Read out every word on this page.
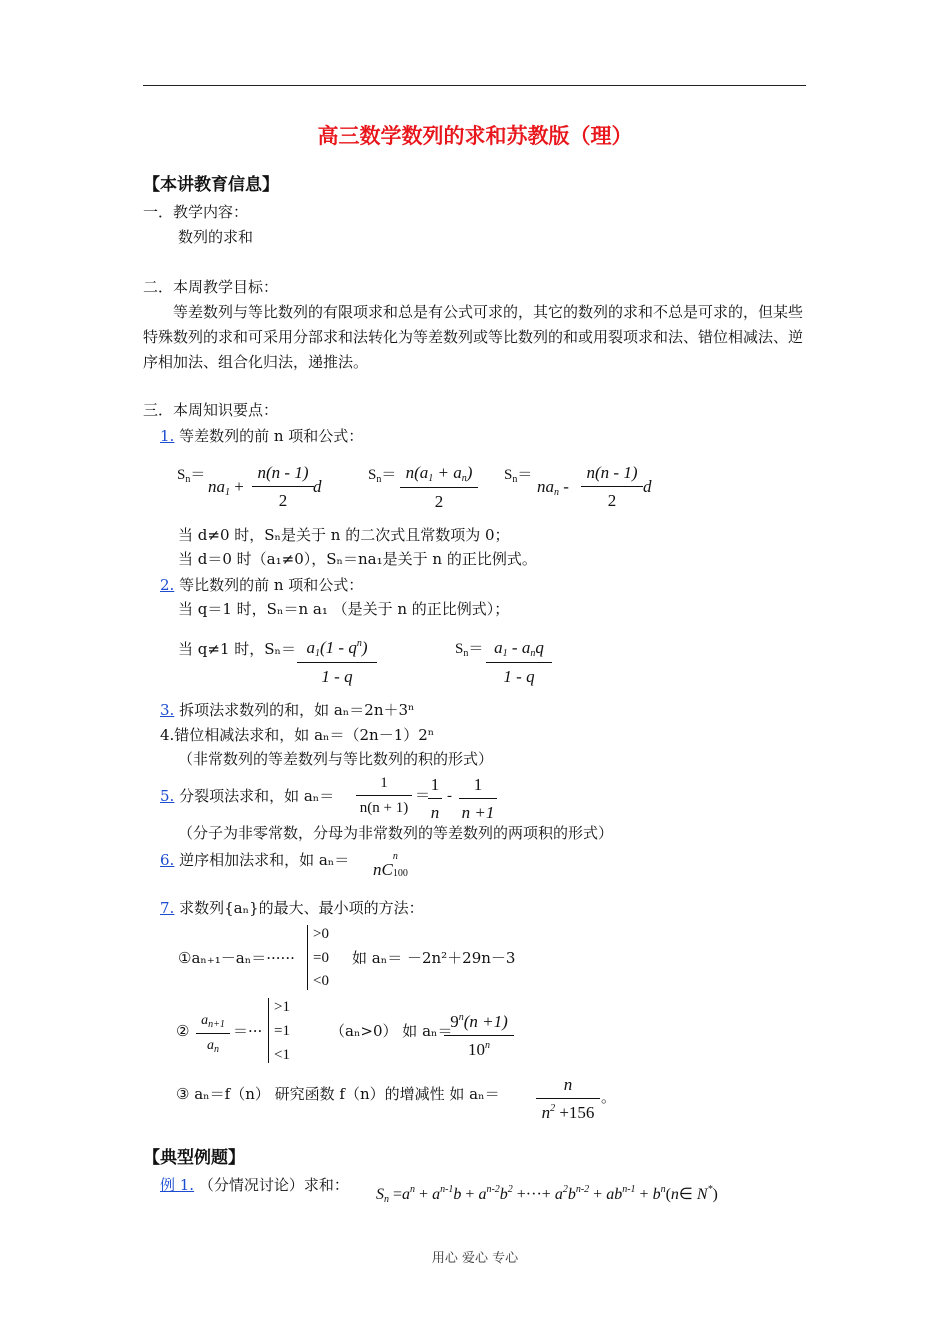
高三数学数列的求和苏教版（理）
【本讲教育信息】
一．教学内容：
数列的求和
二．本周教学目标：
等差数列与等比数列的有限项求和总是有公式可求的，其它的数列的求和不总是可求的，但某些特殊数列的求和可采用分部求和法转化为等差数列或等比数列的和或用裂项求和法、错位相减法、逆序相加法、组合化归法，递推法。
三．本周知识要点：
1. 等差数列的前 n 项和公式：
$S_n=$
$na_1 + \frac{n(n - 1)}{2}$ d
$S_n= \frac{n(a_1 + a_n)}{2} S_n=$
$na_n - \frac{n(n - 1)}{2}$ d
当 d≠0 时，Sₙ是关于 n 的二次式且常数项为 0；
当 d＝0 时（a₁≠0），Sₙ＝na₁是关于 n 的正比例式。
2. 等比数列的前 n 项和公式：
当 q＝1 时，Sₙ＝n a₁ （是关于 n 的正比例式）；
当 q≠1 时，$S_n= \frac{a_1(1 - q^n)}{1 - q}$	$S_n= a_1 - a_nq$
1 - q
3. 拆项法求数列的和，如 aₙ＝2n＋3ⁿ
4.错位相减法求和，如 aₙ＝（2n－1）2ⁿ
（非常数列的等差数列与等比数列的积的形式）
5. 分裂项法求和，如 $a_n= \frac{1}{n(n + 1)}$ ＝
$\frac{1}{n} - \frac{1}{n +1}$
（分子为非零常数，分母为非常数列的等差数列的两项积的形式）
6. 逆序相加法求和，如 aₙ＝ nC
n
100
7. 求数列{aₙ}的最大、最小项的方法：
①aₙ₊₁－aₙ＝······
>0
=0
<0
如 aₙ＝ －2n²＋29n－3
② $\frac{a_{n+1}}{a_n}$ ＝···
>1
=1
<1
（aₙ>0） 如 aₙ＝
$\frac{9^n(n +1)}{10^n}$
③ aₙ＝f（n） 研究函数 f（n）的增减性 如 $a_n= \frac{n}{n^2 +156}$ 。
【典型例题】
例 1. （分情况讨论）求和：
$S_n =a^n + a^{n-1}b + a^{n-2}b^2$ +···+ $a^2b^{n-2} + ab^{n-1}$ + $b^n(n\in$ N*)
用心 爱心 专心
